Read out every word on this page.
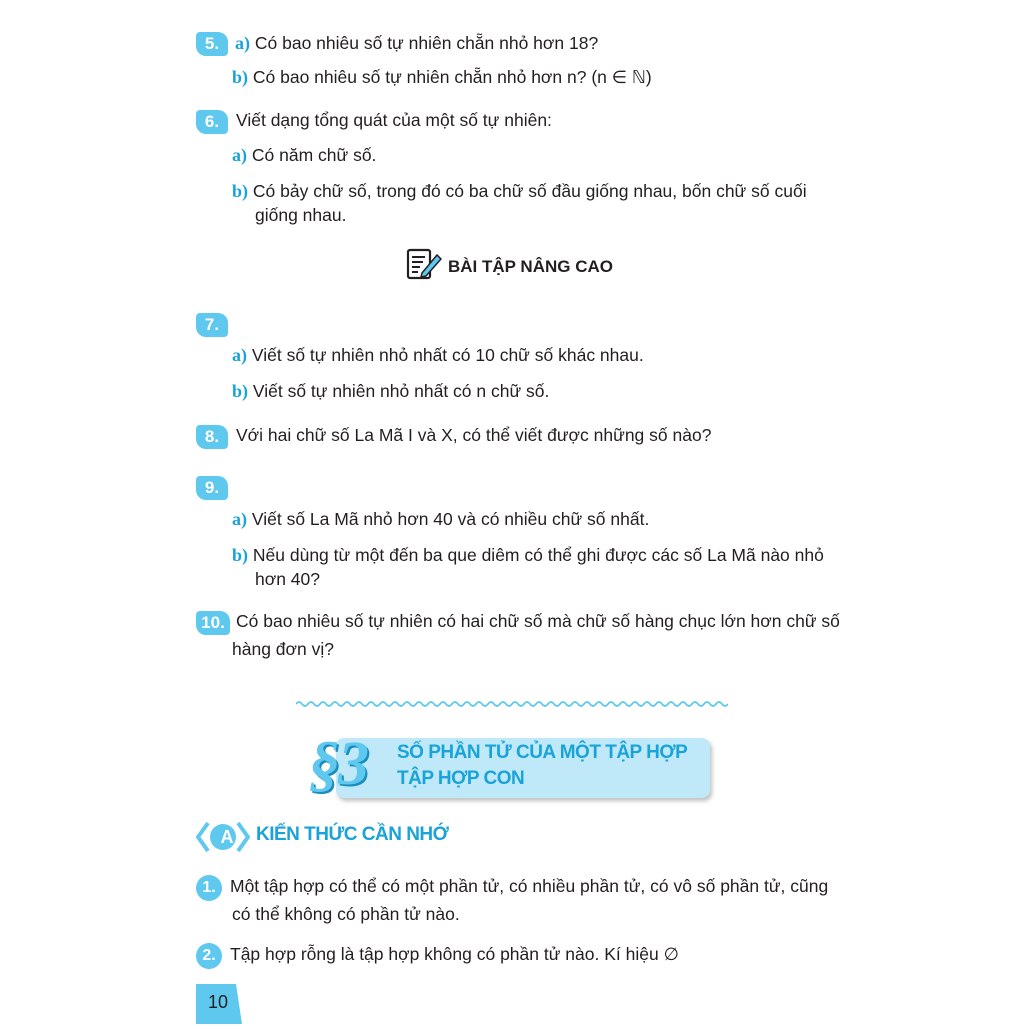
5. a) Có bao nhiêu số tự nhiên chẵn nhỏ hơn 18?
b) Có bao nhiêu số tự nhiên chẵn nhỏ hơn n? (n ∈ ℕ)
6. Viết dạng tổng quát của một số tự nhiên:
a) Có năm chữ số.
b) Có bảy chữ số, trong đó có ba chữ số đầu giống nhau, bốn chữ số cuối
giống nhau.
BÀI TẬP NÂNG CAO
7.
a) Viết số tự nhiên nhỏ nhất có 10 chữ số khác nhau.
b) Viết số tự nhiên nhỏ nhất có n chữ số.
8. Với hai chữ số La Mã I và X, có thể viết được những số nào?
9.
a) Viết số La Mã nhỏ hơn 40 và có nhiều chữ số nhất.
b) Nếu dùng từ một đến ba que diêm có thể ghi được các số La Mã nào nhỏ
hơn 40?
10. Có bao nhiêu số tự nhiên có hai chữ số mà chữ số hàng chục lớn hơn chữ số
hàng đơn vị?
§3 SỐ PHẦN TỬ CỦA MỘT TẬP HỢP
TẬP HỢP CON
A	KIẾN THỨC CẦN NHỚ
1. Một tập hợp có thể có một phần tử, có nhiều phần tử, có vô số phần tử, cũng
có thể không có phần tử nào.
2. Tập hợp rỗng là tập hợp không có phần tử nào. Kí hiệu ∅
10
